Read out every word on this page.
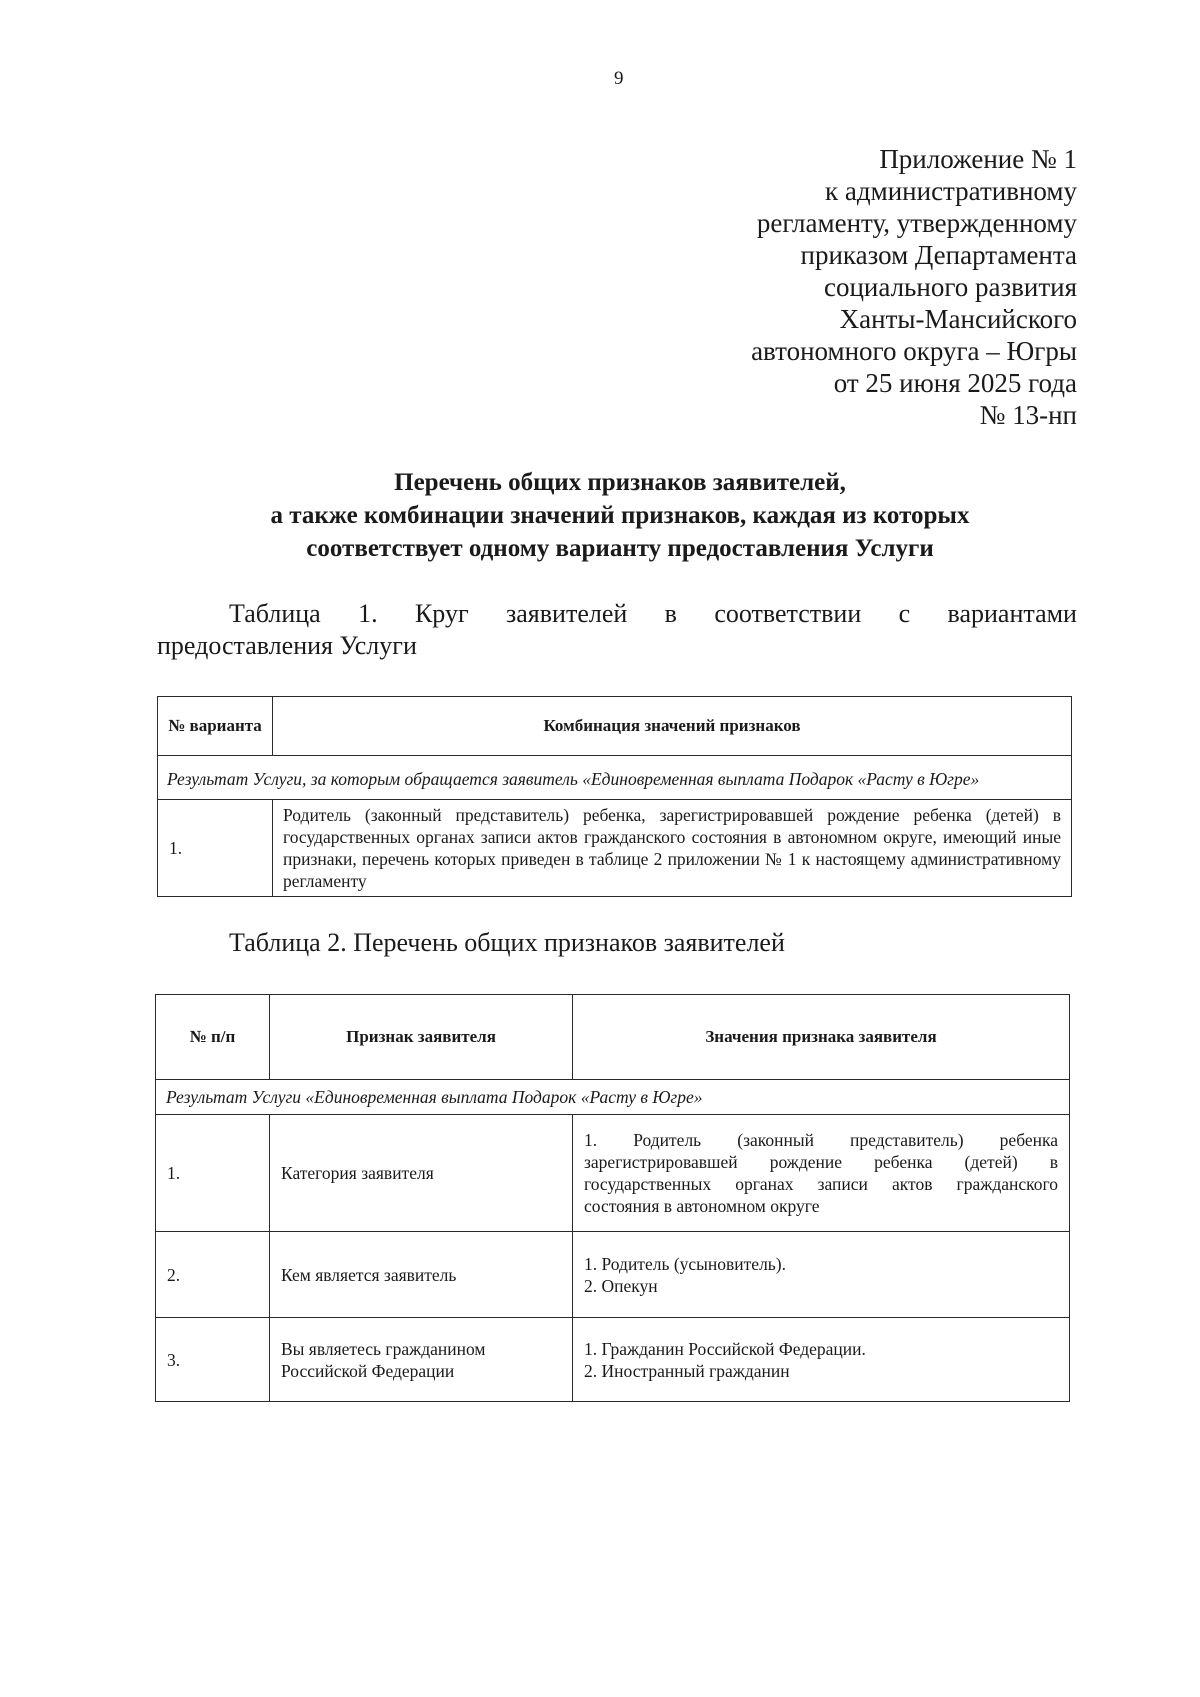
9
Приложение № 1
к административному
регламенту, утвержденному
приказом Департамента
социального развития
Ханты-Мансийского
автономного округа – Югры
от 25 июня 2025 года
№ 13-нп
Перечень общих признаков заявителей,
а также комбинации значений признаков, каждая из которых
соответствует одному варианту предоставления Услуги
Таблица 1. Круг заявителей в соответствии с вариантами
предоставления Услуги
№ варианта	Комбинация значений признаков
Результат Услуги, за которым обращается заявитель «Единовременная выплата Подарок «Расту в Югре»	
1.	Родитель (законный представитель) ребенка, зарегистрировавшей рождение ребенка (детей) в государственных органах записи актов гражданского состояния в автономном округе, имеющий иные признаки, перечень которых приведен в таблице 2 приложении № 1 к настоящему административному регламенту
Таблица 2. Перечень общих признаков заявителей
№ п/п	Признак заявителя	Значения признака заявителя
Результат Услуги «Единовременная выплата Подарок «Расту в Югре»		
1.	Категория заявителя	1. Родитель (законный представитель) ребенка зарегистрировавшей рождение ребенка (детей) в государственных органах записи актов гражданского состояния в автономном округе

2.	Кем является заявитель	1. Родитель (усыновитель).
2. Опекун

3.	Вы являетесь гражданином Российской Федерации	1. Гражданин Российской Федерации.
2. Иностранный гражданин
